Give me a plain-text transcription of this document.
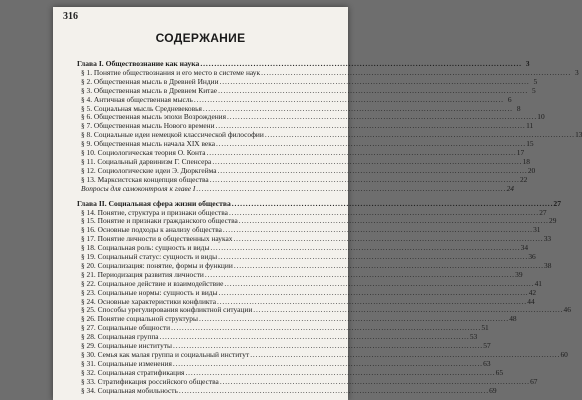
316
СОДЕРЖАНИЕ
Глава I. Обществознание как наука . . .	3
§ 1. Понятие обществознания и его место в системе наук . . .	3
§ 2. Общественная мысль в Древней Индии . . .	5
§ 3. Общественная мысль в Древнем Китае . . .	5
§ 4. Античная общественная мысль . . .	6
§ 5. Социальная мысль Средневековья . . .	8
§ 6. Общественная мысль эпохи Возрождения . . .	10
§ 7. Общественная мысль Нового времени . . .	11
§ 8. Социальные идеи немецкой классической философии . . .	13
§ 9. Общественная мысль начала XIX века . . .	15
§ 10. Социологическая теория О. Конта . . .	17
§ 11. Социальный дарвинизм Г. Спенсера . . .	18
§ 12. Социологические идеи Э. Дюркгейма . . .	20
§ 13. Марксистская концепция общества . . .	22
Вопросы для самоконтроля к главе I . . .	24
Глава II. Социальная сфера жизни общества . . .	27
§ 14. Понятие, структура и признаки общества . . .	27
§ 15. Понятие и признаки гражданского общества . . .	29
§ 16. Основные подходы к анализу общества . . .	31
§ 17. Понятие личности в общественных науках . . .	33
§ 18. Социальная роль: сущность и виды . . .	34
§ 19. Социальный статус: сущность и виды . . .	36
§ 20. Социализация: понятие, формы и функции . . .	38
§ 21. Периодизация развития личности . . .	39
§ 22. Социальное действие и взаимодействие . . .	41
§ 23. Социальные нормы: сущность и виды . . .	42
§ 24. Основные характеристики конфликта . . .	44
§ 25. Способы урегулирования конфликтной ситуации . . .	46
§ 26. Понятие социальной структуры . . .	48
§ 27. Социальные общности . . .	51
§ 28. Социальная группа . . .	53
§ 29. Социальные институты . . .	57
§ 30. Семья как малая группа и социальный институт . . .	60
§ 31. Социальные изменения . . .	63
§ 32. Социальная стратификация . . .	65
§ 33. Стратификация российского общества . . .	67
§ 34. Социальная мобильность . . .	69
